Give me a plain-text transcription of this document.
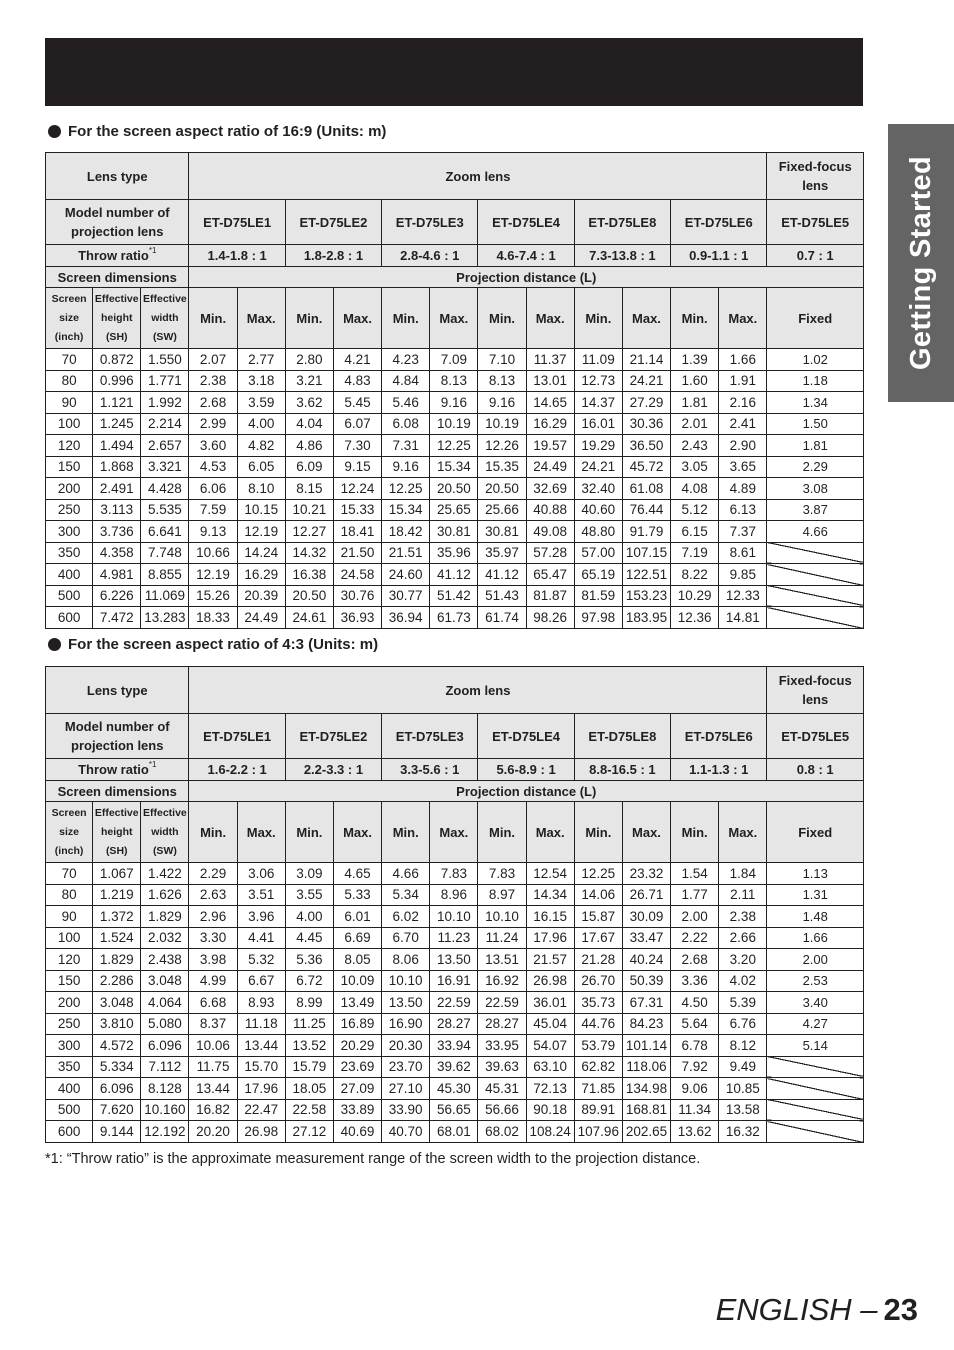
Getting Started
For the screen aspect ratio of 16:9 (Units: m)
Lens type			Zoom lens												Fixed-focus lens
Model number of projection lens			ET-D75LE1		ET-D75LE2		ET-D75LE3		ET-D75LE4		ET-D75LE8		ET-D75LE6		ET-D75LE5
Throw ratio$^{*1}$			1.4-1.8 : 1		1.8-2.8 : 1		2.8-4.6 : 1		4.6-7.4 : 1		7.3-13.8 : 1		0.9-1.1 : 1		0.7 : 1
Screen dimensions			Projection distance (L)												
Screen size (inch)	Effective height (SH)	Effective width (SW)	Min.	Max.	Min.	Max.	Min.	Max.	Min.	Max.	Min.	Max.	Min.	Max.	Fixed
70	0.872	1.550	2.07	2.77	2.80	4.21	4.23	7.09	7.10	11.37	11.09	21.14	1.39	1.66	1.02
80	0.996	1.771	2.38	3.18	3.21	4.83	4.84	8.13	8.13	13.01	12.73	24.21	1.60	1.91	1.18
90	1.121	1.992	2.68	3.59	3.62	5.45	5.46	9.16	9.16	14.65	14.37	27.29	1.81	2.16	1.34
100	1.245	2.214	2.99	4.00	4.04	6.07	6.08	10.19	10.19	16.29	16.01	30.36	2.01	2.41	1.50
120	1.494	2.657	3.60	4.82	4.86	7.30	7.31	12.25	12.26	19.57	19.29	36.50	2.43	2.90	1.81
150	1.868	3.321	4.53	6.05	6.09	9.15	9.16	15.34	15.35	24.49	24.21	45.72	3.05	3.65	2.29
200	2.491	4.428	6.06	8.10	8.15	12.24	12.25	20.50	20.50	32.69	32.40	61.08	4.08	4.89	3.08
250	3.113	5.535	7.59	10.15	10.21	15.33	15.34	25.65	25.66	40.88	40.60	76.44	5.12	6.13	3.87
300	3.736	6.641	9.13	12.19	12.27	18.41	18.42	30.81	30.81	49.08	48.80	91.79	6.15	7.37	4.66
350	4.358	7.748	10.66	14.24	14.32	21.50	21.51	35.96	35.97	57.28	57.00	107.15	7.19	8.61	
400	4.981	8.855	12.19	16.29	16.38	24.58	24.60	41.12	41.12	65.47	65.19	122.51	8.22	9.85	
500	6.226	11.069	15.26	20.39	20.50	30.76	30.77	51.42	51.43	81.87	81.59	153.23	10.29	12.33	
600	7.472	13.283	18.33	24.49	24.61	36.93	36.94	61.73	61.74	98.26	97.98	183.95	12.36	14.81	
For the screen aspect ratio of 4:3 (Units: m)
Lens type			Zoom lens												Fixed-focus lens
Model number of projection lens			ET-D75LE1		ET-D75LE2		ET-D75LE3		ET-D75LE4		ET-D75LE8		ET-D75LE6		ET-D75LE5
Throw ratio$^{*1}$			1.6-2.2 : 1		2.2-3.3 : 1		3.3-5.6 : 1		5.6-8.9 : 1		8.8-16.5 : 1		1.1-1.3 : 1		0.8 : 1
Screen dimensions			Projection distance (L)												
Screen size (inch)	Effective height (SH)	Effective width (SW)	Min.	Max.	Min.	Max.	Min.	Max.	Min.	Max.	Min.	Max.	Min.	Max.	Fixed
70	1.067	1.422	2.29	3.06	3.09	4.65	4.66	7.83	7.83	12.54	12.25	23.32	1.54	1.84	1.13
80	1.219	1.626	2.63	3.51	3.55	5.33	5.34	8.96	8.97	14.34	14.06	26.71	1.77	2.11	1.31
90	1.372	1.829	2.96	3.96	4.00	6.01	6.02	10.10	10.10	16.15	15.87	30.09	2.00	2.38	1.48
100	1.524	2.032	3.30	4.41	4.45	6.69	6.70	11.23	11.24	17.96	17.67	33.47	2.22	2.66	1.66
120	1.829	2.438	3.98	5.32	5.36	8.05	8.06	13.50	13.51	21.57	21.28	40.24	2.68	3.20	2.00
150	2.286	3.048	4.99	6.67	6.72	10.09	10.10	16.91	16.92	26.98	26.70	50.39	3.36	4.02	2.53
200	3.048	4.064	6.68	8.93	8.99	13.49	13.50	22.59	22.59	36.01	35.73	67.31	4.50	5.39	3.40
250	3.810	5.080	8.37	11.18	11.25	16.89	16.90	28.27	28.27	45.04	44.76	84.23	5.64	6.76	4.27
300	4.572	6.096	10.06	13.44	13.52	20.29	20.30	33.94	33.95	54.07	53.79	101.14	6.78	8.12	5.14
350	5.334	7.112	11.75	15.70	15.79	23.69	23.70	39.62	39.63	63.10	62.82	118.06	7.92	9.49	
400	6.096	8.128	13.44	17.96	18.05	27.09	27.10	45.30	45.31	72.13	71.85	134.98	9.06	10.85	
500	7.620	10.160	16.82	22.47	22.58	33.89	33.90	56.65	56.66	90.18	89.91	168.81	11.34	13.58	
600	9.144	12.192	20.20	26.98	27.12	40.69	40.70	68.01	68.02	108.24	107.96	202.65	13.62	16.32	
*1: “Throw ratio” is the approximate measurement range of the screen width to the projection distance.
ENGLISH – 23
